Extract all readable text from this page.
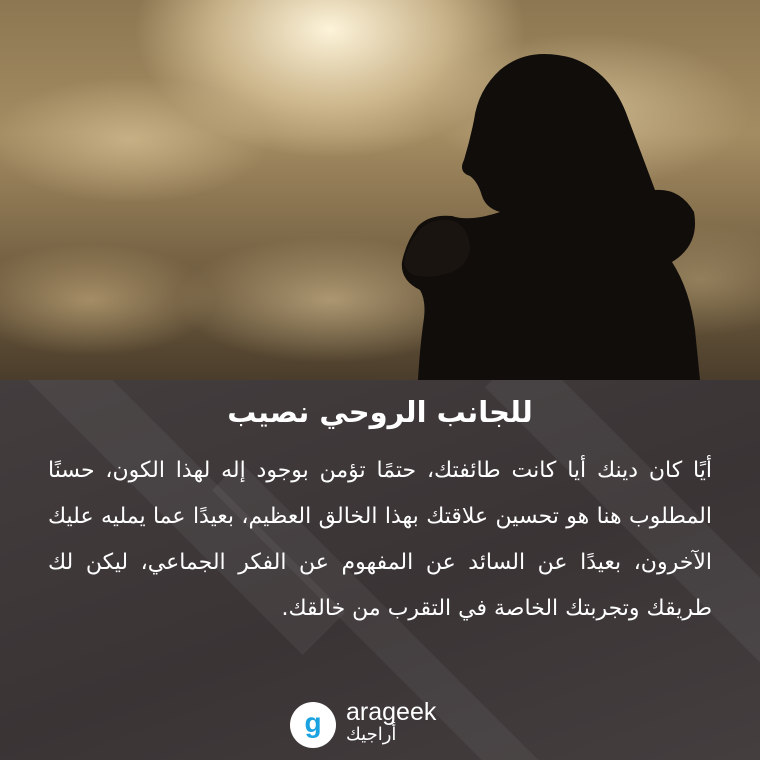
للجانب الروحي نصيب

أيًا كان دينك أيا كانت طائفتك، حتمًا تؤمن بوجود إله لهذا الكون، حسنًا المطلوب هنا هو تحسين علاقتك بهذا الخالق العظيم، بعيدًا عما يمليه عليك الآخرون، بعيدًا عن السائد عن المفهوم عن الفكر الجماعي، ليكن لك طريقك وتجربتك الخاصة في التقرب من خالقك.

g arageek

أراجيك
